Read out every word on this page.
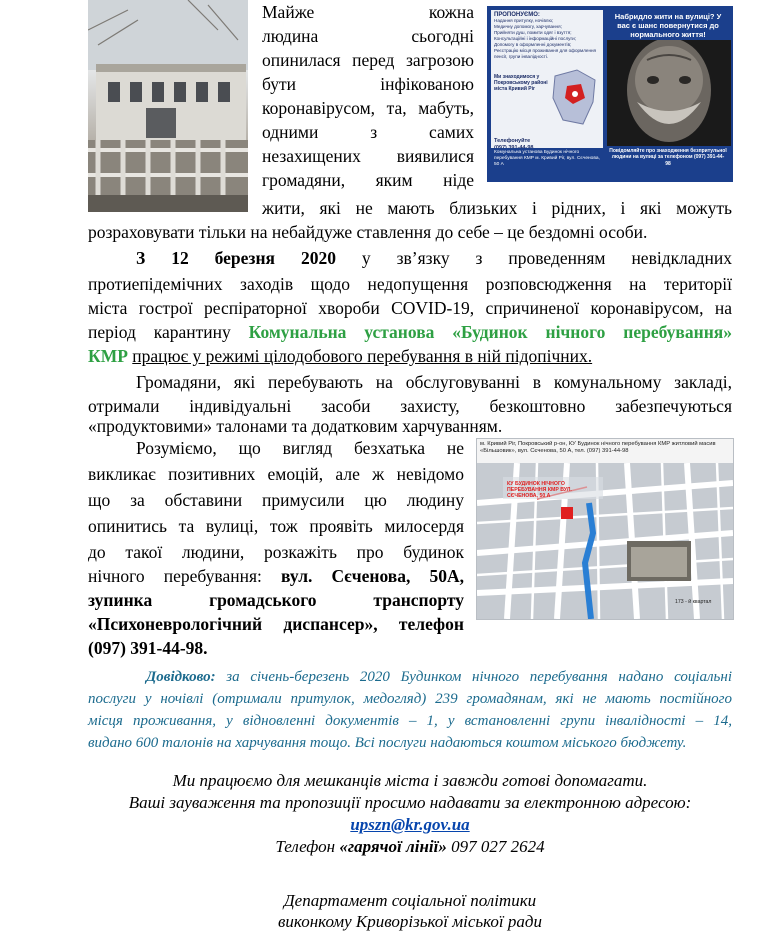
ПРОПОНУЄМО:
Надання притулку, ночівлю;
Медичну допомогу, харчування;
Прийняти душ, помити одяг і взуття;
Консультаційні і інформаційні послуги;
Допомогу в оформленні документів;
Реєстрацію місця проживання для оформлення пенсії, групи інвалідності.
Ми знаходимося у Покровському районі міста Кривий Ріг
Телефонуйте
Комунальна установа Будинок нічного перебування КМР м. Кривий Ріг, вул. Сєченова, 50 А
Набридло жити на вулиці? У вас є шанс повернутися до нормального життя!
Повідомляйте про знаходження безпритульної людини на вулиці за телефоном (097) 391-44-98
Майже кожна
людина сьогодні
опинилася перед загрозою
бути інфікованою
коронавірусом, та, мабуть,
одними з самих
незахищених виявилися
громадяни, яким ніде
жити, які не мають близьких і рідних, і які можуть
розраховувати тільки на небайдуже ставлення до себе – це бездомні особи.
З 12 березня 2020 у зв’язку з проведенням невідкладних
протиепідемічних заходів щодо недопущення розповсюдження на території
міста гострої респіраторної хвороби COVID-19, спричиненої коронавірусом, на
період карантину Комунальна установа «Будинок нічного перебування»
КМР працює у режимі цілодобового перебування в ній підопічних.
Громадяни, які перебувають на обслуговуванні в комунальному закладі,
отримали індивідуальні засоби захисту, безкоштовно забезпечуються
«продуктовими» талонами та додатковим харчуванням.
Розуміємо, що вигляд безхатька не
викликає позитивних емоцій, але ж невідомо
що за обставини примусили цю людину
опинитись та вулиці, тож проявіть милосердя
до такої людини, розкажіть про будинок
нічного перебування: вул. Сєченова, 50А,
зупинка громадського транспорту
«Психоневрологічний диспансер», телефон
(097) 391-44-98.
м. Кривий Ріг, Покровський р-он, КУ Будинок нічного перебування КМР житловий масив «Більшовик», вул. Сєченова, 50 А, тел. (097) 391-44-98
КУ БУДИНОК НІЧНОГО ПЕРЕБУВАННЯ КМР ВУЛ. СЄЧЕНОВА, 50 А
173 - й квартал
Довідково: за січень-березень 2020 Будинком нічного перебування надано соціальні
послуги у ночівлі (отримали притулок, медогляд) 239 громадянам, які не мають постійного
місця проживання, у відновленні документів – 1, у встановленні групи інвалідності – 14,
видано 600 талонів на харчування тощо. Всі послуги надаються коштом міського бюджету.
Ми працюємо для мешканців міста і завжди готові допомагати.
Ваші зауваження та пропозиції просимо надавати за електронною адресою:
upszn@kr.gov.ua
Телефон «гарячої лінії» 097 027 2624
Департамент соціальної політики
виконкому Криворізької міської ради
